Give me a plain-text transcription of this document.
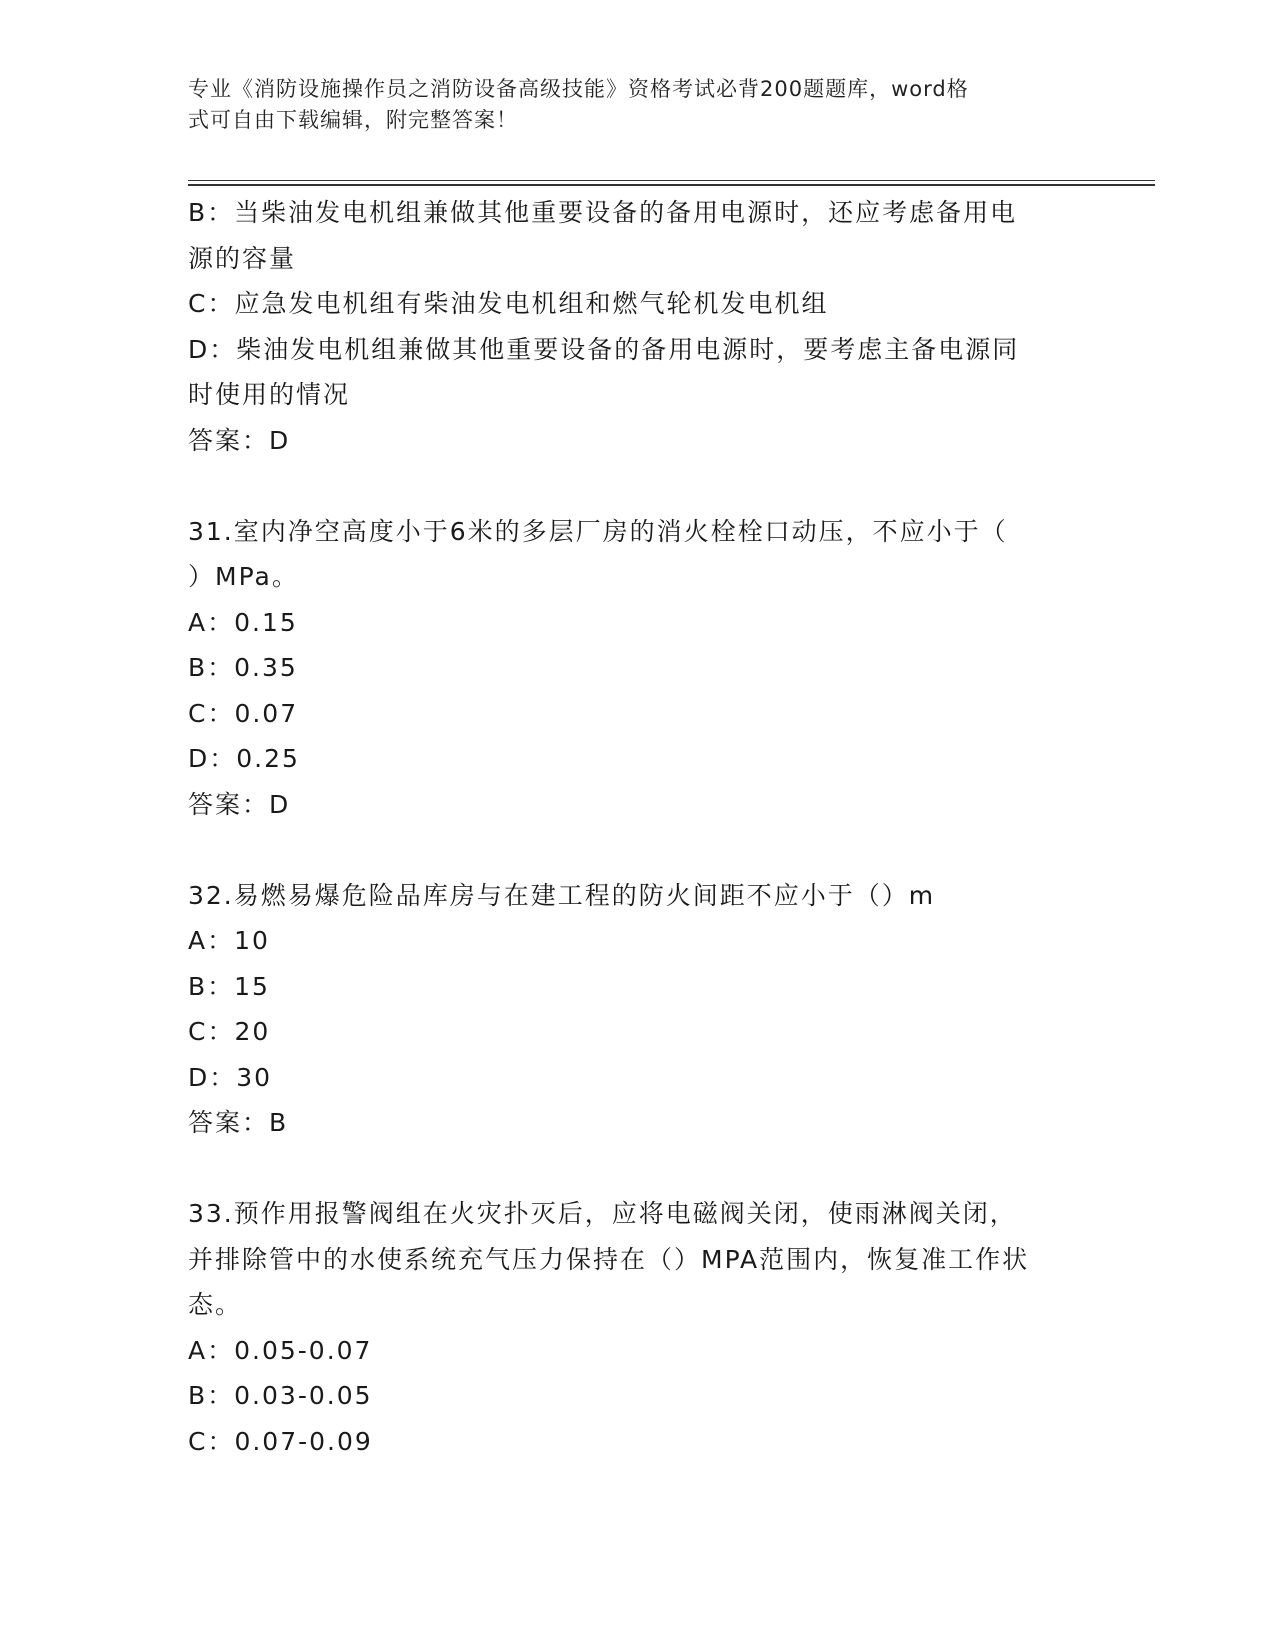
专业《消防设施操作员之消防设备高级技能》资格考试必背200题题库，word格
式可自由下载编辑，附完整答案！
B：当柴油发电机组兼做其他重要设备的备用电源时，还应考虑备用电
源的容量
C：应急发电机组有柴油发电机组和燃气轮机发电机组
D：柴油发电机组兼做其他重要设备的备用电源时，要考虑主备电源同
时使用的情况
答案：D
31.室内净空高度小于6米的多层厂房的消火栓栓口动压，不应小于（
）MPa。
A：0.15
B：0.35
C：0.07
D：0.25
答案：D
32.易燃易爆危险品库房与在建工程的防火间距不应小于（）m
A：10
B：15
C：20
D：30
答案：B
33.预作用报警阀组在火灾扑灭后，应将电磁阀关闭，使雨淋阀关闭，
并排除管中的水使系统充气压力保持在（）MPA范围内，恢复准工作状
态。
A：0.05-0.07
B：0.03-0.05
C：0.07-0.09
